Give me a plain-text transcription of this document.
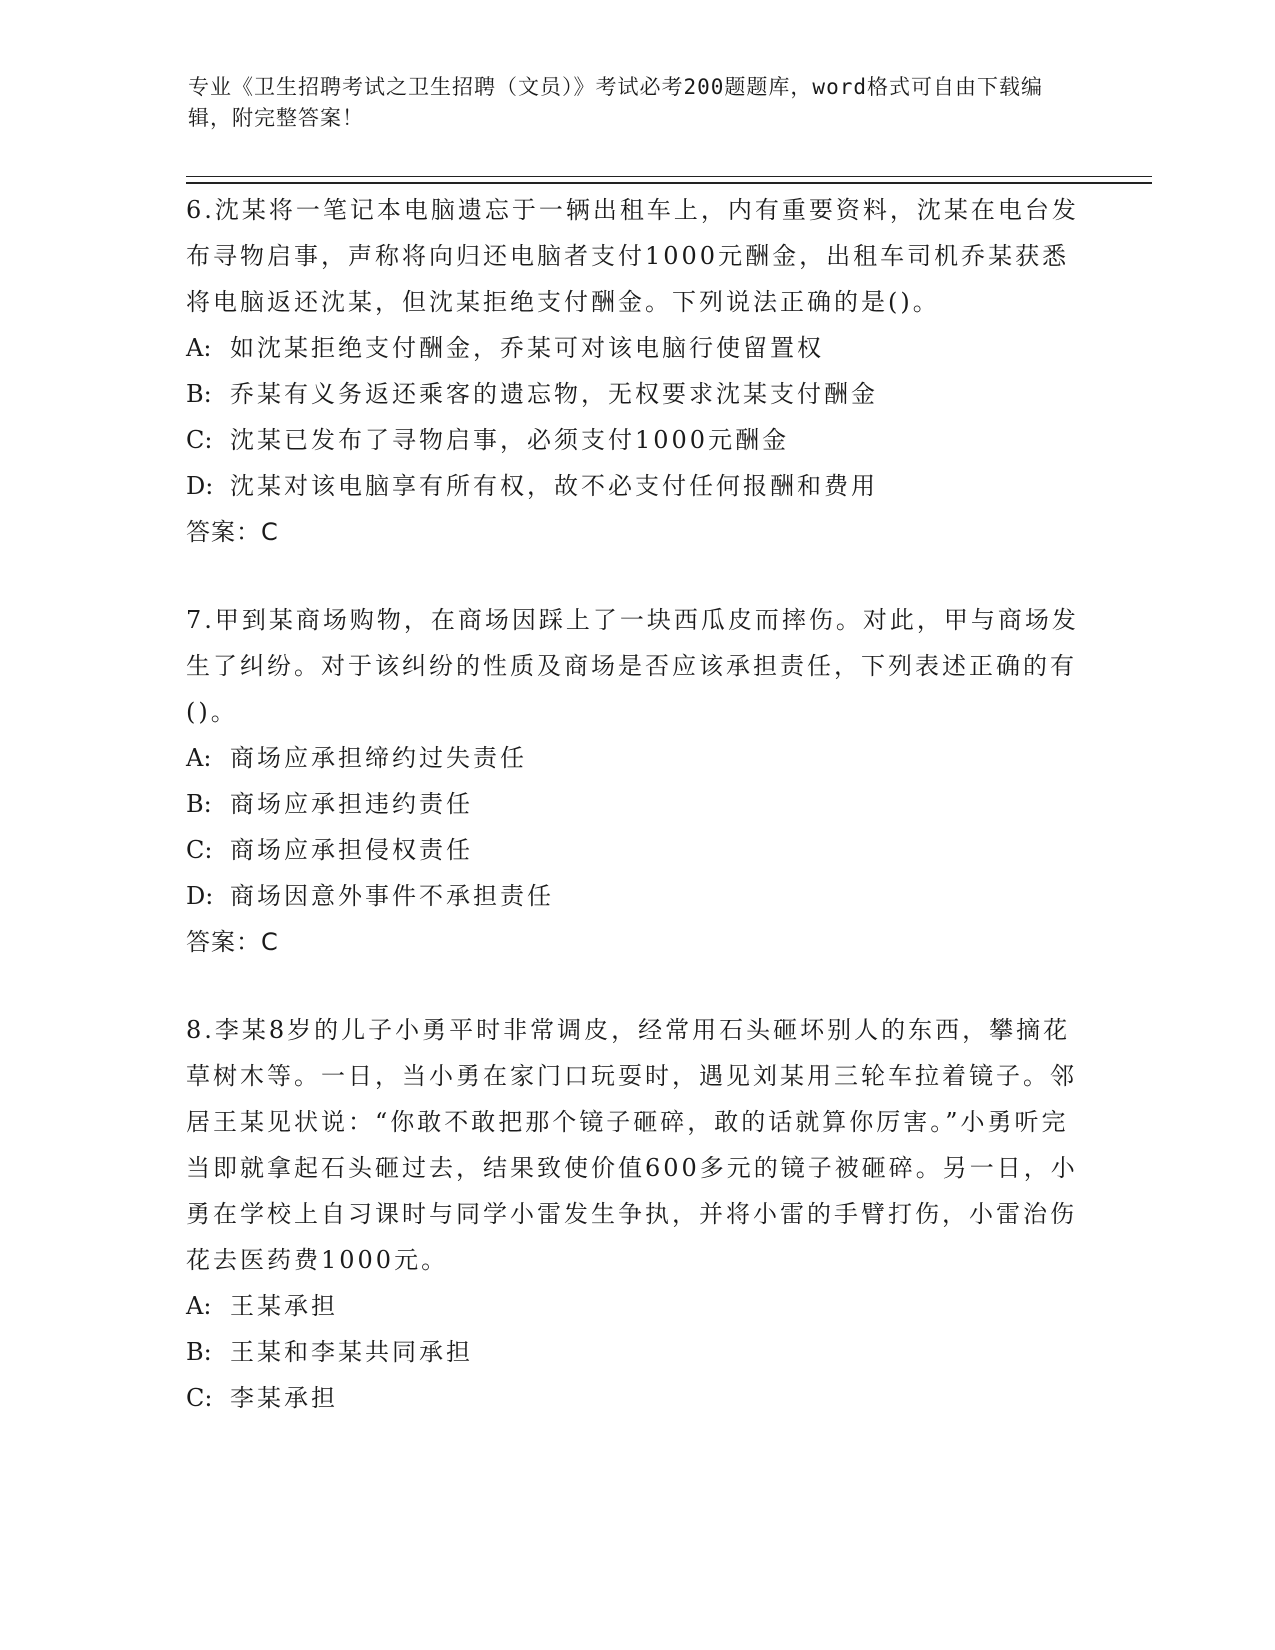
专业《卫生招聘考试之卫生招聘（文员）》考试必考200题题库，word格式可自由下载编辑，附完整答案！

6.沈某将一笔记本电脑遗忘于一辆出租车上，内有重要资料，沈某在电台发布寻物启事，声称将向归还电脑者支付1000元酬金，出租车司机乔某获悉将电脑返还沈某，但沈某拒绝支付酬金。下列说法正确的是()。

A: 如沈某拒绝支付酬金，乔某可对该电脑行使留置权

B: 乔某有义务返还乘客的遗忘物，无权要求沈某支付酬金

C: 沈某已发布了寻物启事，必须支付1000元酬金

D: 沈某对该电脑享有所有权，故不必支付任何报酬和费用

答案：C

7.甲到某商场购物，在商场因踩上了一块西瓜皮而摔伤。对此，甲与商场发生了纠纷。对于该纠纷的性质及商场是否应该承担责任，下列表述正确的有()。

A: 商场应承担缔约过失责任

B: 商场应承担违约责任

C: 商场应承担侵权责任

D: 商场因意外事件不承担责任

答案：C

8.李某8岁的儿子小勇平时非常调皮，经常用石头砸坏别人的东西，攀摘花草树木等。一日，当小勇在家门口玩耍时，遇见刘某用三轮车拉着镜子。邻居王某见状说：“你敢不敢把那个镜子砸碎，敢的话就算你厉害。”小勇听完当即就拿起石头砸过去，结果致使价值600多元的镜子被砸碎。另一日，小勇在学校上自习课时与同学小雷发生争执，并将小雷的手臂打伤，小雷治伤花去医药费1000元。

A: 王某承担

B: 王某和李某共同承担

C: 李某承担
